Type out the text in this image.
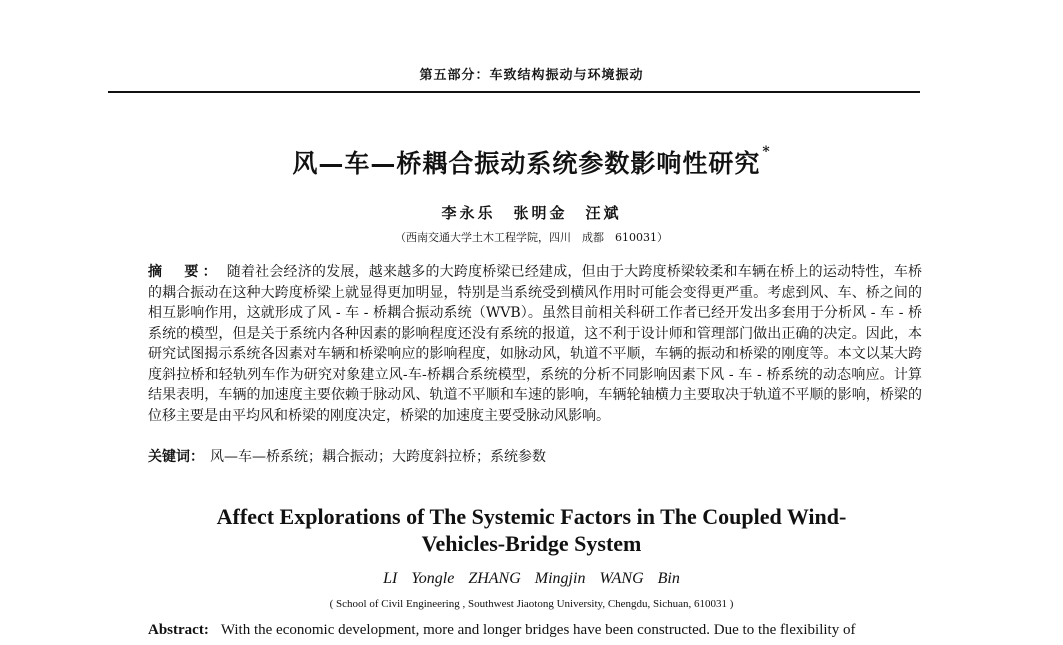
第五部分：车致结构振动与环境振动
风—车—桥耦合振动系统参数影响性研究 *
李永乐　张明金　汪斌
（西南交通大学土木工程学院，四川　成都　610031）
摘　要： 随着社会经济的发展，越来越多的大跨度桥梁已经建成，但由于大跨度桥梁较柔和车辆在桥上的运动特性，车桥的耦合振动在这种大跨度桥梁上就显得更加明显，特别是当系统受到横风作用时可能会变得更严重。考虑到风、车、桥之间的相互影响作用，这就形成了风 - 车 - 桥耦合振动系统（WVB）。虽然目前相关科研工作者已经开发出多套用于分析风 - 车 - 桥系统的模型，但是关于系统内各种因素的影响程度还没有系统的报道，这不利于设计师和管理部门做出正确的决定。因此，本研究试图揭示系统各因素对车辆和桥梁响应的影响程度，如脉动风，轨道不平顺，车辆的振动和桥梁的刚度等。本文以某大跨度斜拉桥和轻轨列车作为研究对象建立风-车-桥耦合系统模型，系统的分析不同影响因素下风 - 车 - 桥系统的动态响应。计算结果表明，车辆的加速度主要依赖于脉动风、轨道不平顺和车速的影响，车辆轮轴横力主要取决于轨道不平顺的影响，桥梁的位移主要是由平均风和桥梁的刚度决定，桥梁的加速度主要受脉动风影响。
关键词： 风—车—桥系统；耦合振动；大跨度斜拉桥；系统参数
Affect Explorations of The Systemic Factors in The Coupled Wind-
Vehicles-Bridge System
LI Yongle ZHANG Mingjin WANG Bin
( School of Civil Engineering , Southwest Jiaotong University, Chengdu, Sichuan, 610031 )
Abstract: With the economic development, more and longer bridges have been constructed. Due to the flexibility of
